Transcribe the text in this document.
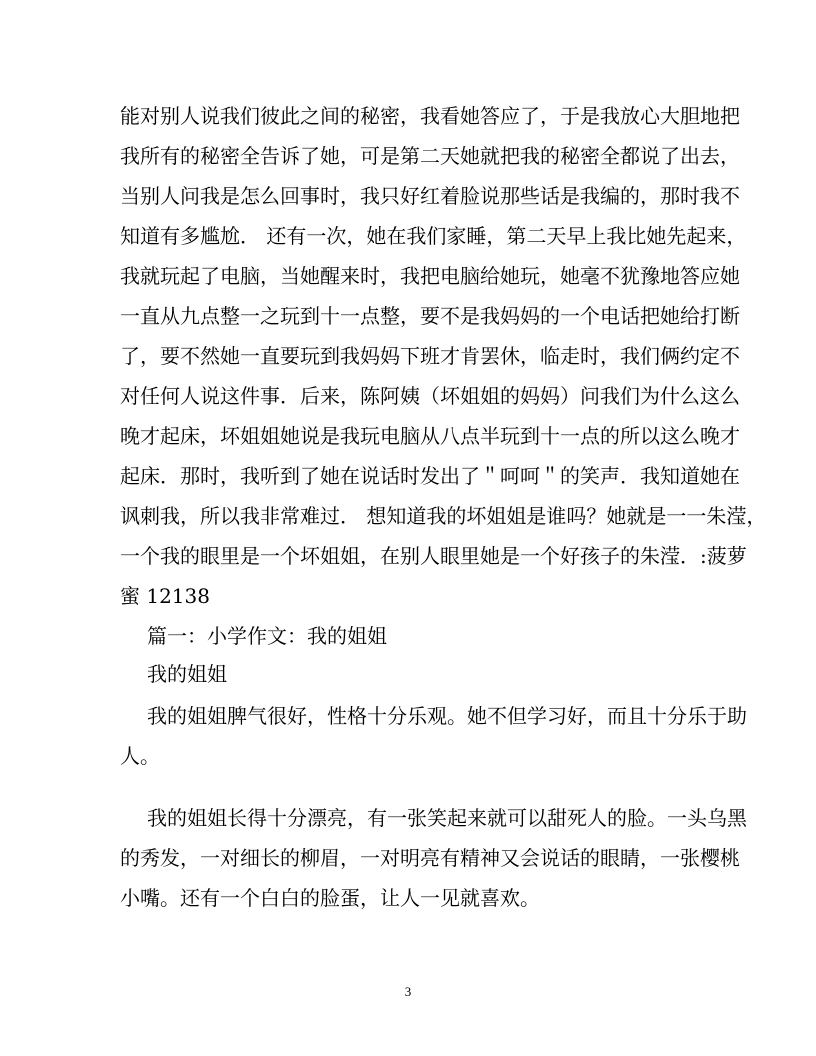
能对别人说我们彼此之间的秘密，我看她答应了，于是我放心大胆地把
我所有的秘密全告诉了她，可是第二天她就把我的秘密全都说了出去，
当别人问我是怎么回事时，我只好红着脸说那些话是我编的，那时我不
知道有多尴尬． 还有一次，她在我们家睡，第二天早上我比她先起来，
我就玩起了电脑，当她醒来时，我把电脑给她玩，她毫不犹豫地答应她
一直从九点整一之玩到十一点整，要不是我妈妈的一个电话把她给打断
了，要不然她一直要玩到我妈妈下班才肯罢休，临走时，我们俩约定不
对任何人说这件事．后来，陈阿姨（坏姐姐的妈妈）问我们为什么这么
晚才起床，坏姐姐她说是我玩电脑从八点半玩到十一点的所以这么晚才
起床．那时，我听到了她在说话时发出了＂呵呵＂的笑声．我知道她在
讽刺我，所以我非常难过． 想知道我的坏姐姐是谁吗？她就是一一朱滢，
一个我的眼里是一个坏姐姐，在别人眼里她是一个好孩子的朱滢．:菠萝
蜜 12138
篇一：小学作文：我的姐姐
我的姐姐
我的姐姐脾气很好，性格十分乐观。她不但学习好，而且十分乐于助
人。
我的姐姐长得十分漂亮，有一张笑起来就可以甜死人的脸。一头乌黑
的秀发，一对细长的柳眉，一对明亮有精神又会说话的眼睛，一张樱桃
小嘴。还有一个白白的脸蛋，让人一见就喜欢。
3
